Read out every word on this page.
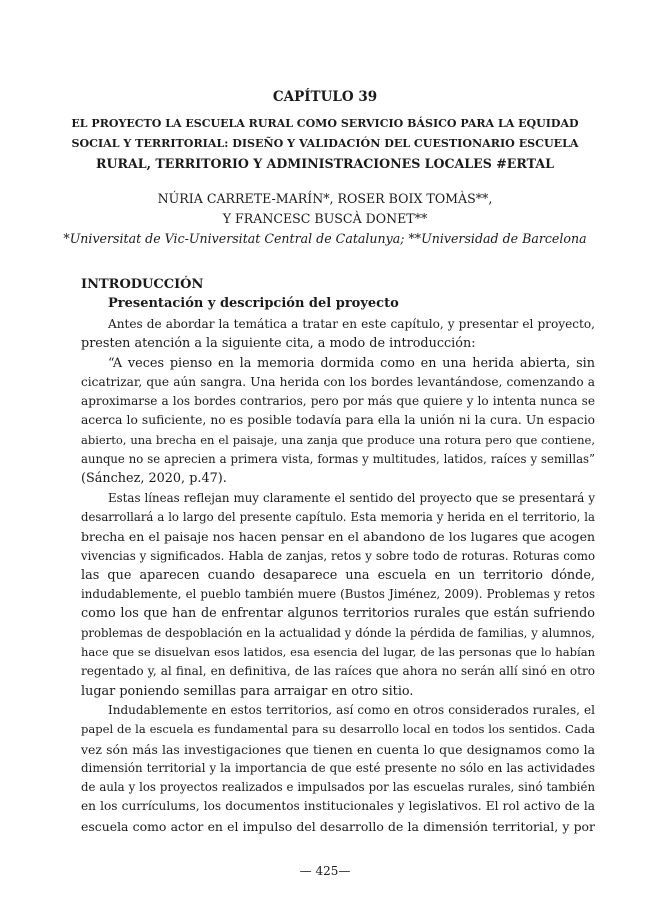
CAPÍTULO 39
EL PROYECTO LA ESCUELA RURAL COMO SERVICIO BÁSICO PARA LA EQUIDAD
SOCIAL Y TERRITORIAL: DISEÑO Y VALIDACIÓN DEL CUESTIONARIO ESCUELA
RURAL, TERRITORIO Y ADMINISTRACIONES LOCALES #ERTAL
NÚRIA CARRETE-MARÍN*, ROSER BOIX TOMÀS**,
Y FRANCESC BUSCÀ DONET**
*Universitat de Vic-Universitat Central de Catalunya; **Universidad de Barcelona
INTRODUCCIÓN
Presentación y descripción del proyecto
Antes de abordar la temática a tratar en este capítulo, y presentar el proyecto,
presten atención a la siguiente cita, a modo de introducción:
“A veces pienso en la memoria dormida como en una herida abierta, sin
cicatrizar, que aún sangra. Una herida con los bordes levantándose, comenzando a
aproximarse a los bordes contrarios, pero por más que quiere y lo intenta nunca se
acerca lo suficiente, no es posible todavía para ella la unión ni la cura. Un espacio
abierto, una brecha en el paisaje, una zanja que produce una rotura pero que contiene,
aunque no se aprecien a primera vista, formas y multitudes, latidos, raíces y semillas”
(Sánchez, 2020, p.47).
Estas líneas reflejan muy claramente el sentido del proyecto que se presentará y
desarrollará a lo largo del presente capítulo. Esta memoria y herida en el territorio, la
brecha en el paisaje nos hacen pensar en el abandono de los lugares que acogen
vivencias y significados. Habla de zanjas, retos y sobre todo de roturas. Roturas como
las que aparecen cuando desaparece una escuela en un territorio dónde,
indudablemente, el pueblo también muere (Bustos Jiménez, 2009). Problemas y retos
como los que han de enfrentar algunos territorios rurales que están sufriendo
problemas de despoblación en la actualidad y dónde la pérdida de familias, y alumnos,
hace que se disuelvan esos latidos, esa esencia del lugar, de las personas que lo habían
regentado y, al final, en definitiva, de las raíces que ahora no serán allí sinó en otro
lugar poniendo semillas para arraigar en otro sitio.
Indudablemente en estos territorios, así como en otros considerados rurales, el
papel de la escuela es fundamental para su desarrollo local en todos los sentidos. Cada
vez són más las investigaciones que tienen en cuenta lo que designamos como la
dimensión territorial y la importancia de que esté presente no sólo en las actividades
de aula y los proyectos realizados e impulsados por las escuelas rurales, sinó también
en los currículums, los documentos institucionales y legislativos. El rol activo de la
escuela como actor en el impulso del desarrollo de la dimensión territorial, y por
— 425—
